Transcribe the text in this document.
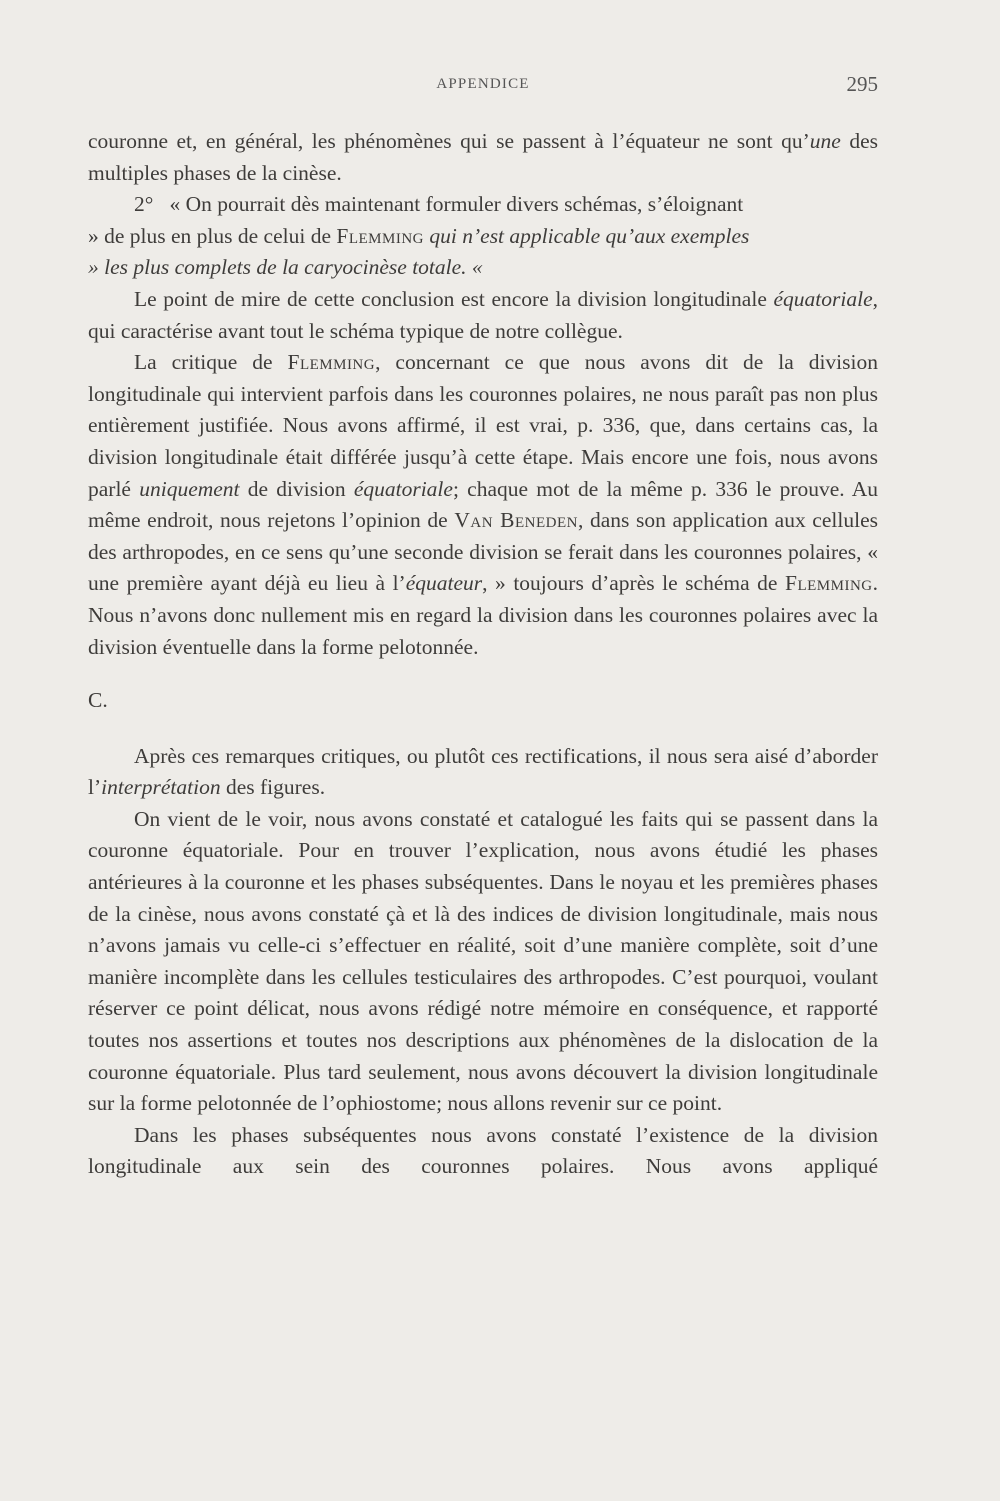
APPENDICE	295

couronne et, en général, les phénomènes qui se passent à l’équateur ne sont qu’une des multiples phases de la cinèse.

2° « On pourrait dès maintenant formuler divers schémas, s’éloignant
» de plus en plus de celui de Flemming qui n’est applicable qu’aux exemples
» les plus complets de la caryocinèse totale. «

Le point de mire de cette conclusion est encore la division longitudinale équatoriale, qui caractérise avant tout le schéma typique de notre collègue.

La critique de Flemming, concernant ce que nous avons dit de la division longitudinale qui intervient parfois dans les couronnes polaires, ne nous paraît pas non plus entièrement justifiée. Nous avons affirmé, il est vrai, p. 336, que, dans certains cas, la division longitudinale était différée jusqu’à cette étape. Mais encore une fois, nous avons parlé uniquement de division équatoriale; chaque mot de la même p. 336 le prouve. Au même endroit, nous rejetons l’opinion de Van Beneden, dans son application aux cellules des arthropodes, en ce sens qu’une seconde division se ferait dans les couronnes polaires, « une première ayant déjà eu lieu à l’équateur, » toujours d’après le schéma de Flemming. Nous n’avons donc nullement mis en regard la division dans les couronnes polaires avec la division éventuelle dans la forme pelotonnée.

C.

Après ces remarques critiques, ou plutôt ces rectifications, il nous sera aisé d’aborder l’interprétation des figures.

On vient de le voir, nous avons constaté et catalogué les faits qui se passent dans la couronne équatoriale. Pour en trouver l’explication, nous avons étudié les phases antérieures à la couronne et les phases subséquentes. Dans le noyau et les premières phases de la cinèse, nous avons constaté çà et là des indices de division longitudinale, mais nous n’avons jamais vu celle-ci s’effectuer en réalité, soit d’une manière complète, soit d’une manière incomplète dans les cellules testiculaires des arthropodes. C’est pourquoi, voulant réserver ce point délicat, nous avons rédigé notre mémoire en conséquence, et rapporté toutes nos assertions et toutes nos descriptions aux phénomènes de la dislocation de la couronne équatoriale. Plus tard seulement, nous avons découvert la division longitudinale sur la forme pelotonnée de l’ophiostome; nous allons revenir sur ce point.

Dans les phases subséquentes nous avons constaté l’existence de la division longitudinale aux sein des couronnes polaires. Nous avons appliqué
